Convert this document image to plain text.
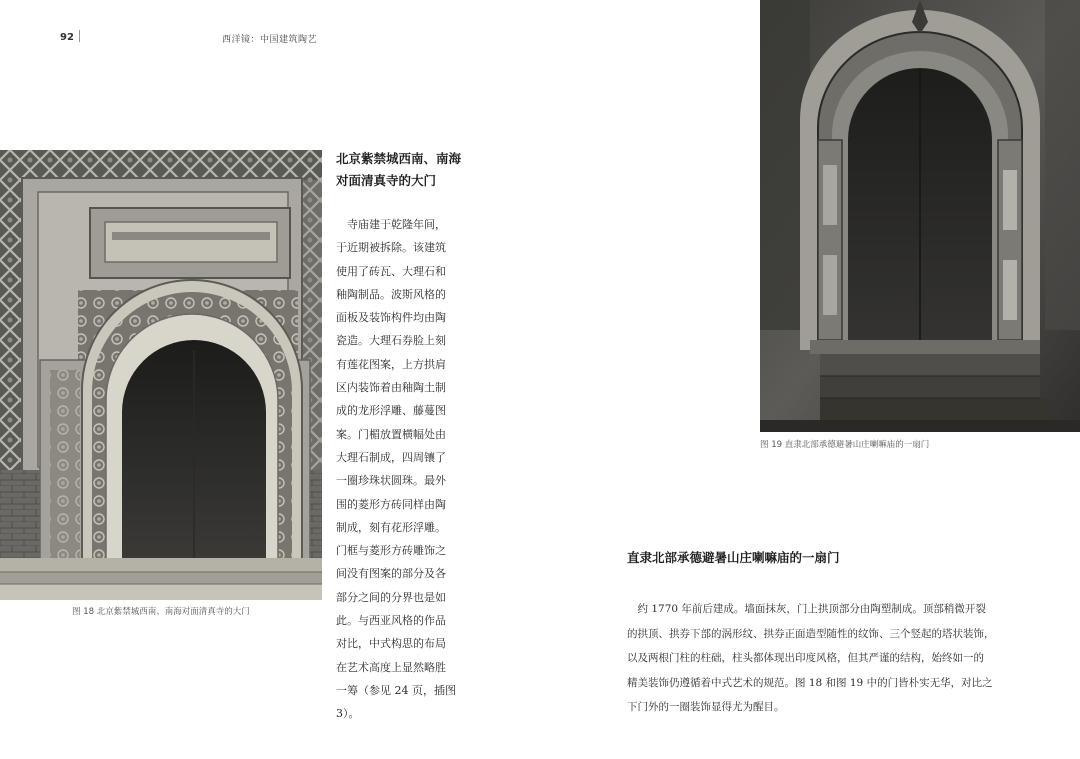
92	西洋镜：中国建筑陶艺
图 18 北京紫禁城西南、南海对面清真寺的大门
图 19 直隶北部承德避暑山庄喇嘛庙的一扇门
北京紫禁城西南、南海
对面清真寺的大门
寺庙建于乾隆年间，
于近期被拆除。该建筑
使用了砖瓦、大理石和
釉陶制品。波斯风格的
面板及装饰构件均由陶
瓷造。大理石券脸上刻
有莲花图案，上方拱肩
区内装饰着由釉陶土制
成的龙形浮雕、藤蔓图
案。门楣放置横幅处由
大理石制成，四周镶了
一圈珍珠状圆珠。最外
围的菱形方砖同样由陶
制成，刻有花形浮雕。
门框与菱形方砖雕饰之
间没有图案的部分及各
部分之间的分界也是如
此。与西亚风格的作品
对比，中式构思的布局
在艺术高度上显然略胜
一筹（参见 24 页，插图
3）。
直隶北部承德避暑山庄喇嘛庙的一扇门
　约 1770 年前后建成。墙面抹灰，门上拱顶部分由陶塑制成。顶部稍微开裂
的拱顶、拱券下部的涡形纹、拱券正面造型随性的纹饰、三个竖起的塔状装饰，
以及两根门柱的柱础，柱头都体现出印度风格，但其严谨的结构，始终如一的
精美装饰仍遵循着中式艺术的规范。图 18 和图 19 中的门皆朴实无华，对比之
下门外的一圈装饰显得尤为醒目。
